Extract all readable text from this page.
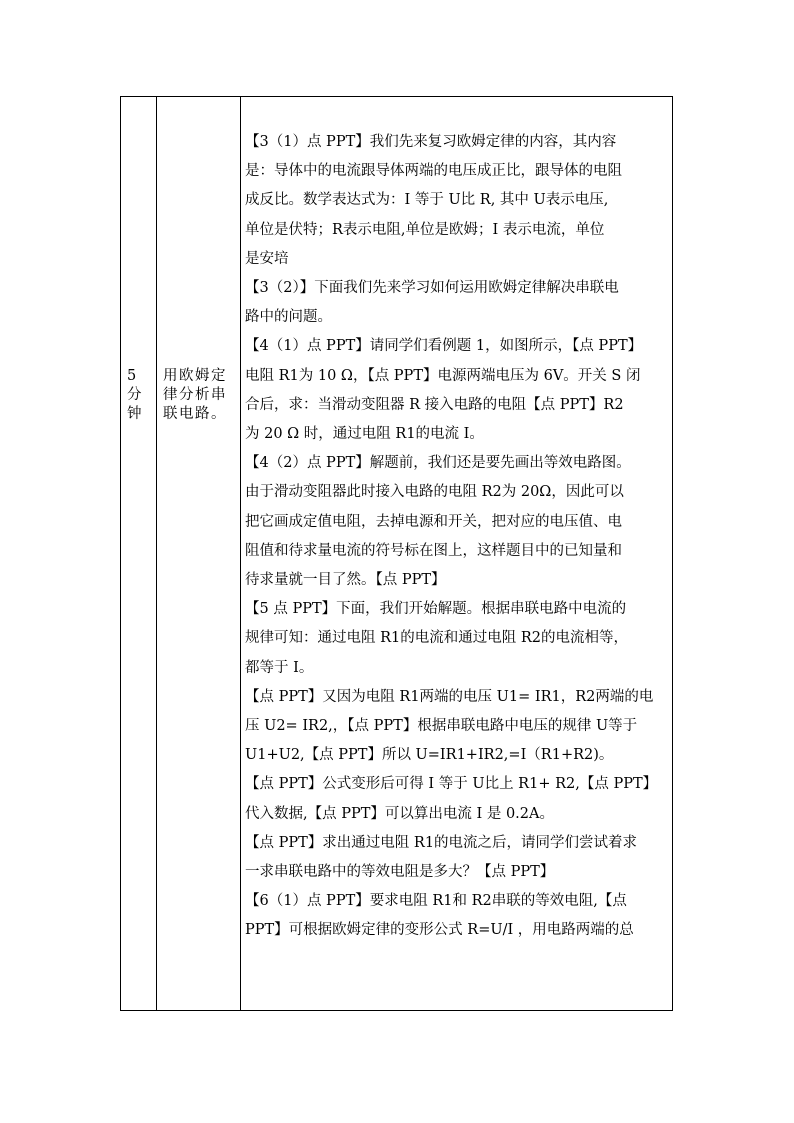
5
分
钟
用欧姆定
律分析串
联电路。

【3（1）点 PPT】我们先来复习欧姆定律的内容，其内容

是：导体中的电流跟导体两端的电压成正比，跟导体的电阻

成反比。数学表达式为：I 等于 U比 R, 其中 U表示电压,

单位是伏特；R表示电阻,单位是欧姆；I 表示电流，单位

是安培

【3（2）】下面我们先来学习如何运用欧姆定律解决串联电

路中的问题。

【4（1）点 PPT】请同学们看例题 1，如图所示，【点 PPT】

电阻 R1为 10 Ω，【点 PPT】电源两端电压为 6V。开关 S 闭

合后，求：当滑动变阻器 R 接入电路的电阻【点 PPT】R2

为 20 Ω 时，通过电阻 R1的电流 I。

【4（2）点 PPT】解题前，我们还是要先画出等效电路图。

由于滑动变阻器此时接入电路的电阻 R2为 20Ω，因此可以

把它画成定值电阻，去掉电源和开关，把对应的电压值、电

阻值和待求量电流的符号标在图上，这样题目中的已知量和

待求量就一目了然。【点 PPT】

【5 点 PPT】下面，我们开始解题。根据串联电路中电流的

规律可知：通过电阻 R1的电流和通过电阻 R2的电流相等，

都等于 I。

【点 PPT】又因为电阻 R1两端的电压 U1= IR1，R2两端的电

压 U2= IR2,，【点 PPT】根据串联电路中电压的规律 U等于

U1+U2,【点 PPT】所以 U=IR1+IR2,=I（R1+R2)。

【点 PPT】公式变形后可得 I 等于 U比上 R1+ R2,【点 PPT】

代入数据,【点 PPT】可以算出电流 I 是 0.2A。

【点 PPT】求出通过电阻 R1的电流之后，请同学们尝试着求

一求串联电路中的等效电阻是多大？【点 PPT】

【6（1）点 PPT】要求电阻 R1和 R2串联的等效电阻,【点

PPT】可根据欧姆定律的变形公式 R=U/I ，用电路两端的总
